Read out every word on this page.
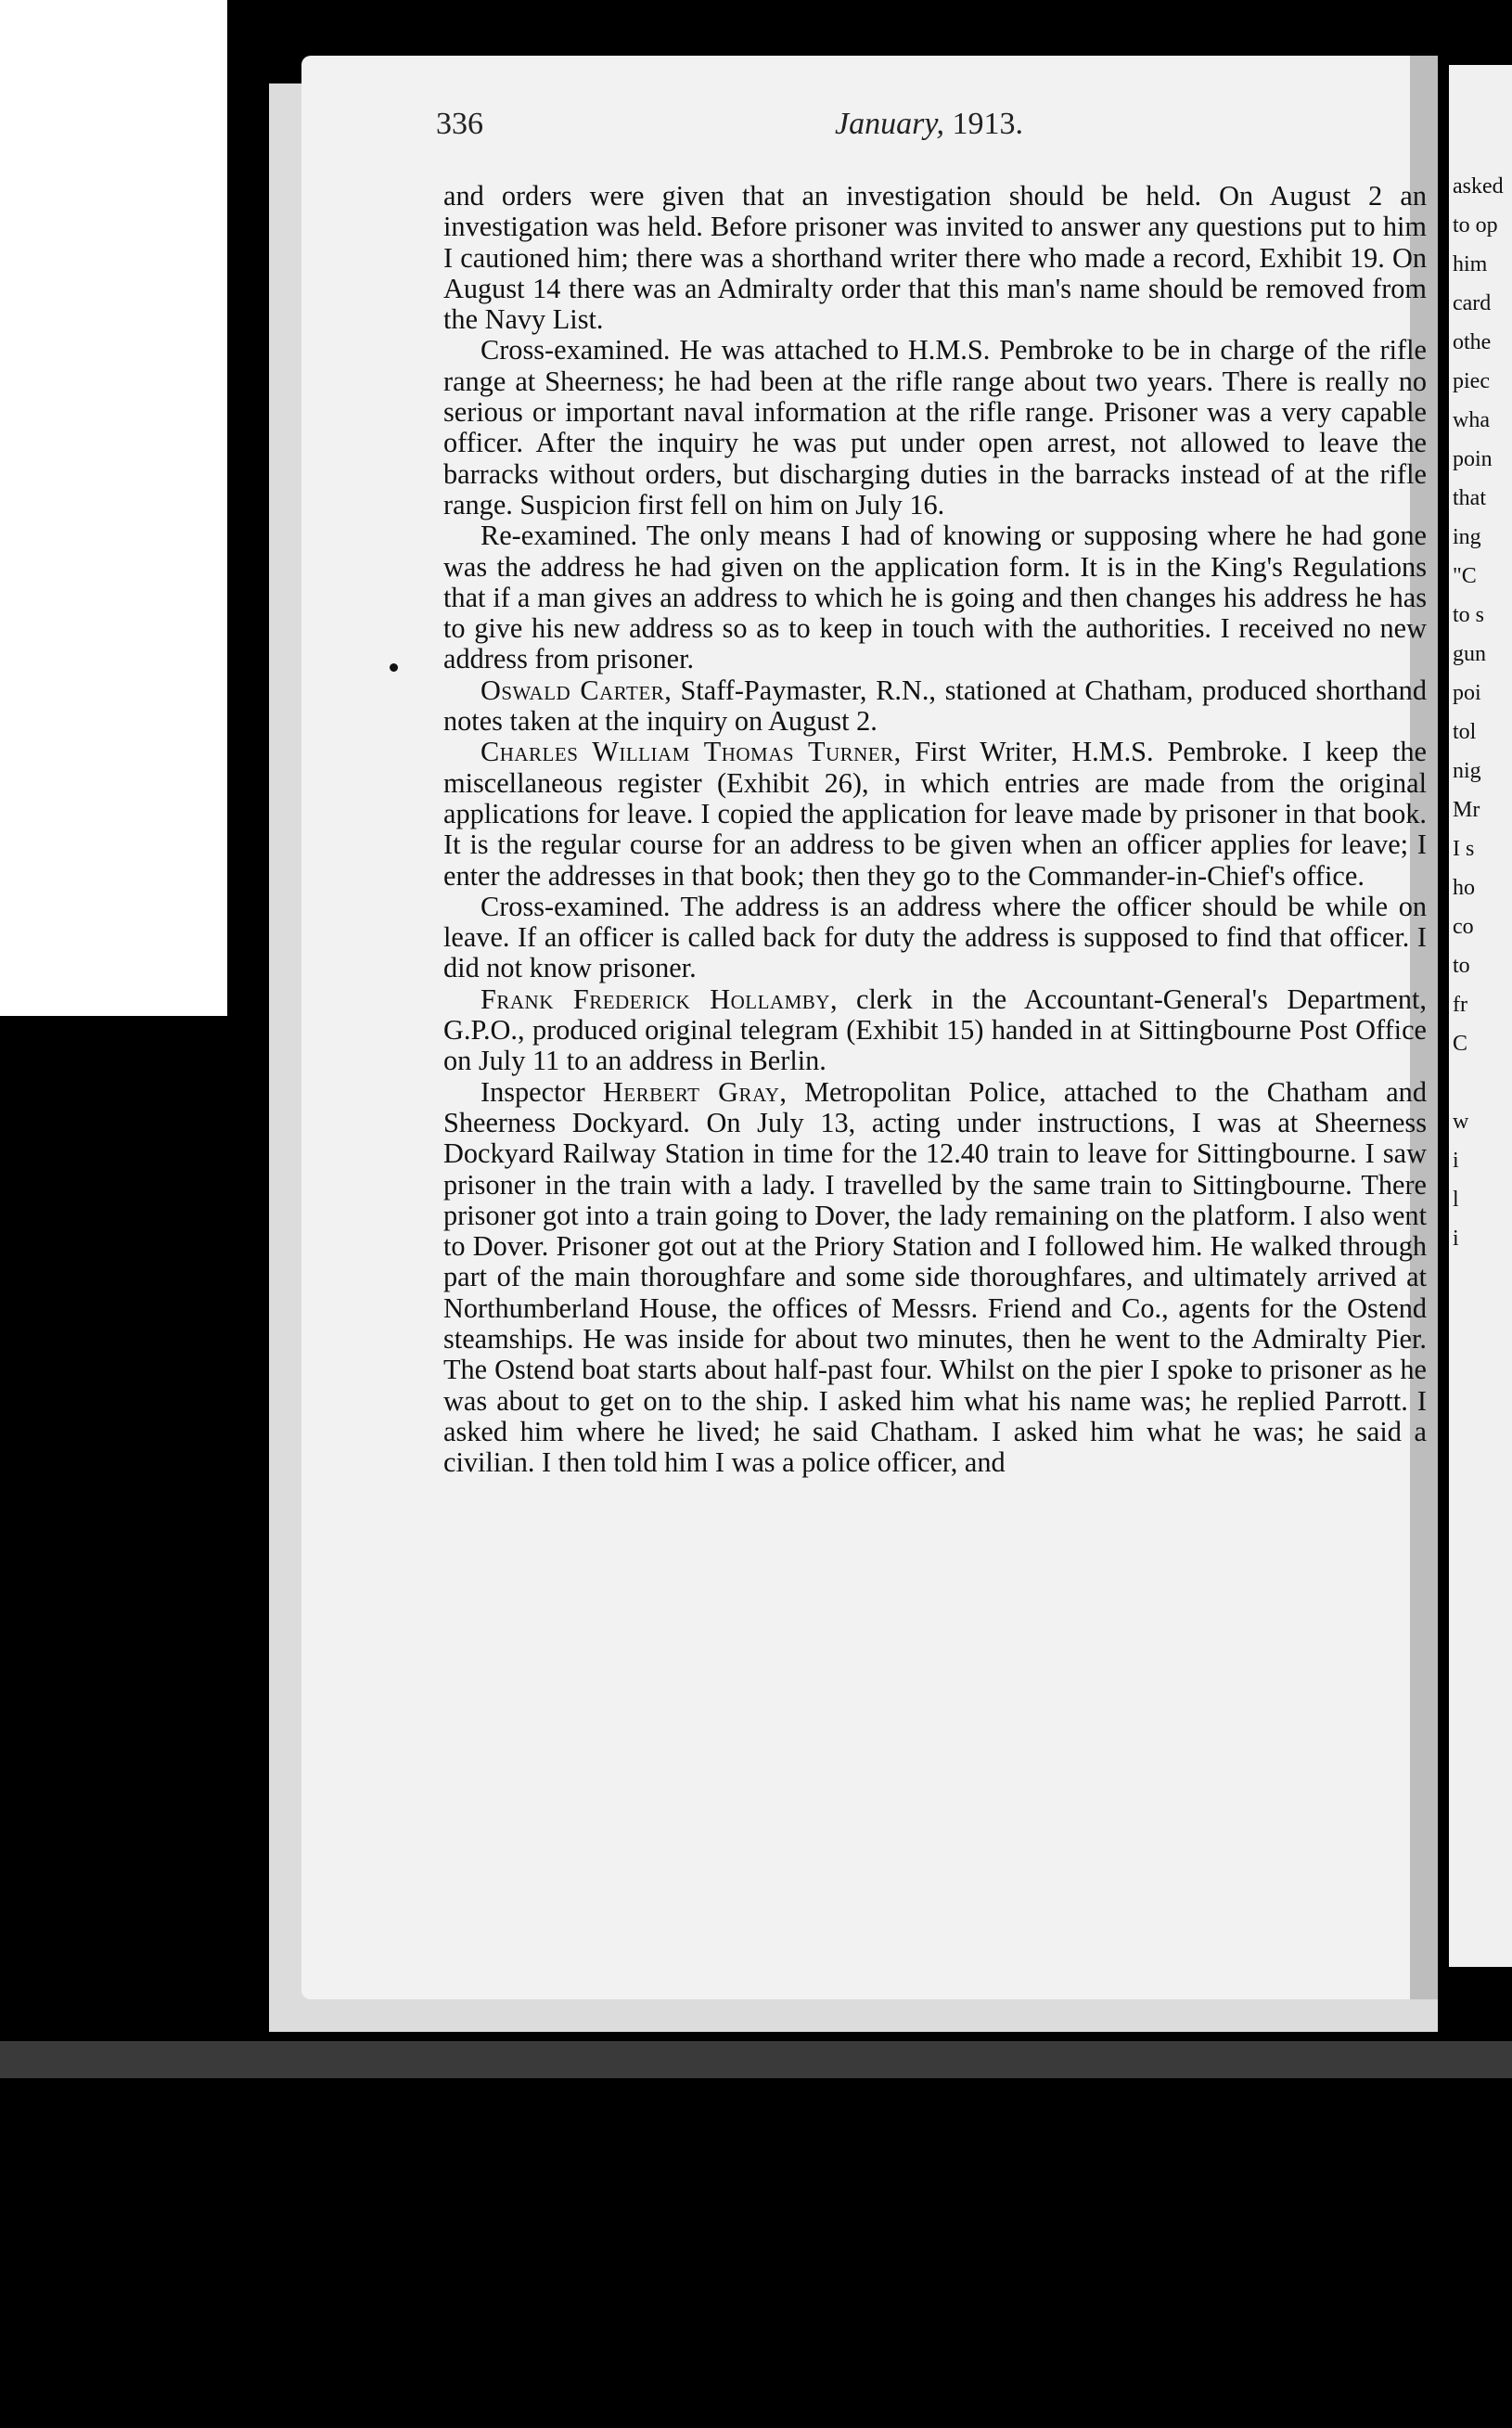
asked
to op
him
card
othe
piec
wha
poin
that
ing
"C
to s
gun
poi
tol
nig
Mr
I s
ho
co
to
fr
C

w
i
l
i
336	January, 1913.

and orders were given that an investigation should be held. On August 2 an investigation was held. Before prisoner was invited to answer any questions put to him I cautioned him; there was a shorthand writer there who made a record, Exhibit 19. On August 14 there was an Admiralty order that this man's name should be removed from the Navy List.

Cross-examined. He was attached to H.M.S. Pembroke to be in charge of the rifle range at Sheerness; he had been at the rifle range about two years. There is really no serious or important naval information at the rifle range. Prisoner was a very capable officer. After the inquiry he was put under open arrest, not allowed to leave the barracks without orders, but discharging duties in the barracks instead of at the rifle range. Suspicion first fell on him on July 16.

Re-examined. The only means I had of knowing or supposing where he had gone was the address he had given on the application form. It is in the King's Regulations that if a man gives an address to which he is going and then changes his address he has to give his new address so as to keep in touch with the authorities. I received no new address from prisoner.

Oswald Carter, Staff-Paymaster, R.N., stationed at Chatham, produced shorthand notes taken at the inquiry on August 2.

Charles William Thomas Turner, First Writer, H.M.S. Pembroke. I keep the miscellaneous register (Exhibit 26), in which entries are made from the original applications for leave. I copied the application for leave made by prisoner in that book. It is the regular course for an address to be given when an officer applies for leave; I enter the addresses in that book; then they go to the Commander-in-Chief's office.

Cross-examined. The address is an address where the officer should be while on leave. If an officer is called back for duty the address is supposed to find that officer. I did not know prisoner.

Frank Frederick Hollamby, clerk in the Accountant-General's Department, G.P.O., produced original telegram (Exhibit 15) handed in at Sittingbourne Post Office on July 11 to an address in Berlin.

Inspector Herbert Gray, Metropolitan Police, attached to the Chatham and Sheerness Dockyard. On July 13, acting under instructions, I was at Sheerness Dockyard Railway Station in time for the 12.40 train to leave for Sittingbourne. I saw prisoner in the train with a lady. I travelled by the same train to Sittingbourne. There prisoner got into a train going to Dover, the lady remaining on the platform. I also went to Dover. Prisoner got out at the Priory Station and I followed him. He walked through part of the main thoroughfare and some side thoroughfares, and ultimately arrived at Northumberland House, the offices of Messrs. Friend and Co., agents for the Ostend steamships. He was inside for about two minutes, then he went to the Admiralty Pier. The Ostend boat starts about half-past four. Whilst on the pier I spoke to prisoner as he was about to get on to the ship. I asked him what his name was; he replied Parrott. I asked him where he lived; he said Chatham. I asked him what he was; he said a civilian. I then told him I was a police officer, and
